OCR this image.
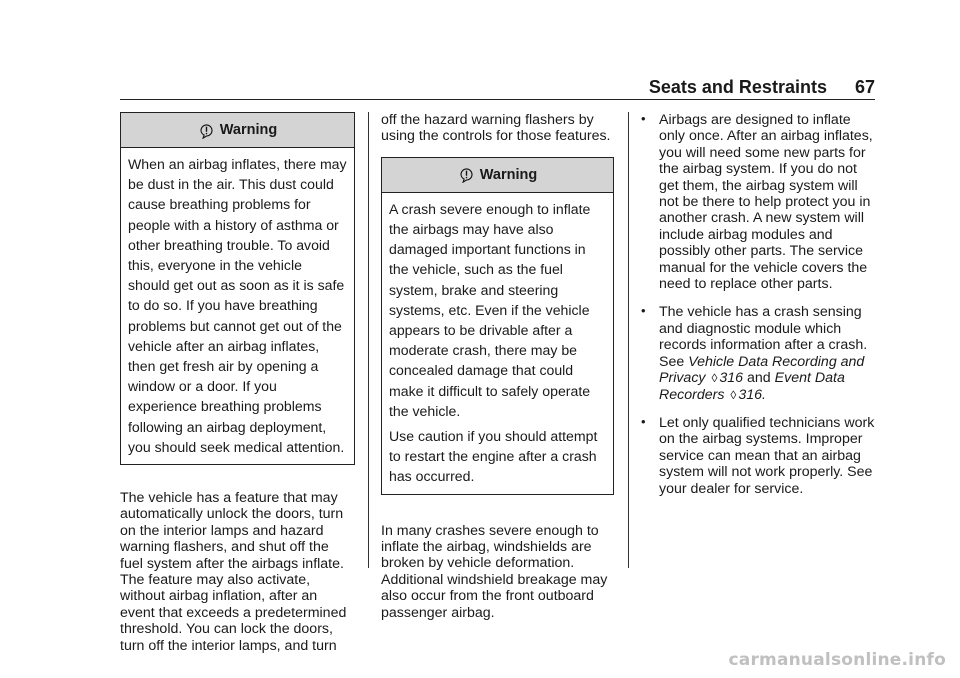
Seats and Restraints 67
Warning

When an airbag inflates, there may be dust in the air. This dust could cause breathing problems for people with a history of asthma or other breathing trouble. To avoid this, everyone in the vehicle should get out as soon as it is safe to do so. If you have breathing problems but cannot get out of the vehicle after an airbag inflates, then get fresh air by opening a window or a door. If you experience breathing problems following an airbag deployment, you should seek medical attention.

The vehicle has a feature that may automatically unlock the doors, turn on the interior lamps and hazard warning flashers, and shut off the fuel system after the airbags inflate. The feature may also activate, without airbag inflation, after an event that exceeds a predetermined threshold. You can lock the doors, turn off the interior lamps, and turn

off the hazard warning flashers by using the controls for those features.

Warning

A crash severe enough to inflate the airbags may have also damaged important functions in the vehicle, such as the fuel system, brake and steering systems, etc. Even if the vehicle appears to be drivable after a moderate crash, there may be concealed damage that could make it difficult to safely operate the vehicle.

Use caution if you should attempt to restart the engine after a crash has occurred.

In many crashes severe enough to inflate the airbag, windshields are broken by vehicle deformation. Additional windshield breakage may also occur from the front outboard passenger airbag.

• Airbags are designed to inflate only once. After an airbag inflates, you will need some new parts for the airbag system. If you do not get them, the airbag system will not be there to help protect you in another crash. A new system will include airbag modules and possibly other parts. The service manual for the vehicle covers the need to replace other parts.
• The vehicle has a crash sensing and diagnostic module which records information after a crash. See Vehicle Data Recording and Privacy ◊ 316 and Event Data Recorders ◊ 316.
• Let only qualified technicians work on the airbag systems. Improper service can mean that an airbag system will not work properly. See your dealer for service.
carmanualsonline.info
